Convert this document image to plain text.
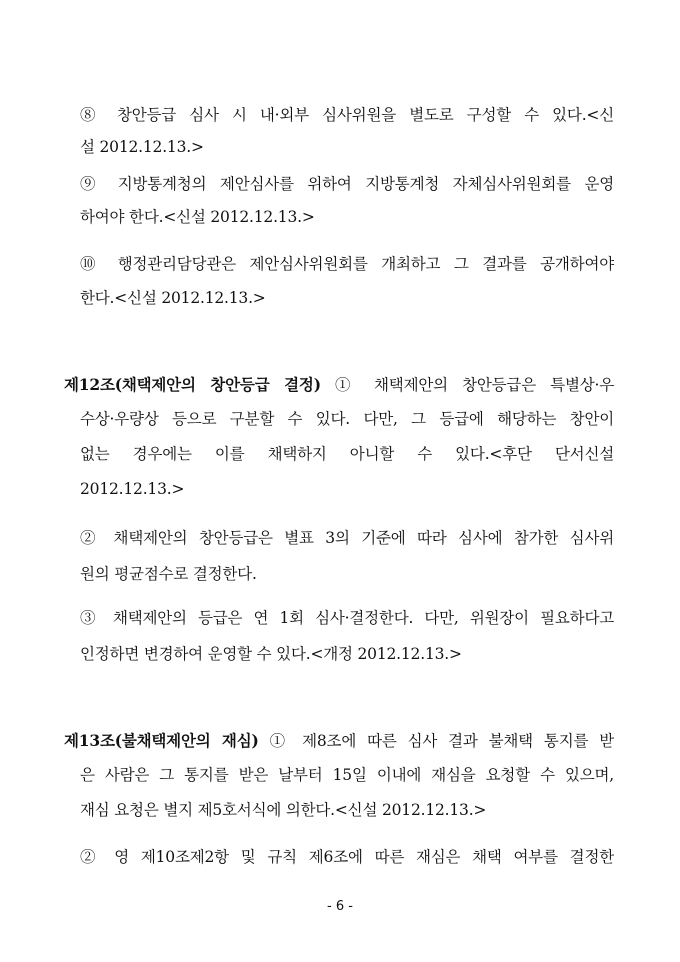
⑧ 창안등급 심사 시 내·외부 심사위원을 별도로 구성할 수 있다.<신
설 2012.12.13.>
⑨ 지방통계청의 제안심사를 위하여 지방통계청 자체심사위원회를 운영
하여야 한다.<신설 2012.12.13.>
⑩ 행정관리담당관은 제안심사위원회를 개최하고 그 결과를 공개하여야
한다.<신설 2012.12.13.>
제12조(채택제안의 창안등급 결정) ① 채택제안의 창안등급은 특별상·우
수상·우량상 등으로 구분할 수 있다. 다만, 그 등급에 해당하는 창안이
없는 경우에는 이를 채택하지 아니할 수 있다.<후단 단서신설
2012.12.13.>
② 채택제안의 창안등급은 별표 3의 기준에 따라 심사에 참가한 심사위
원의 평균점수로 결정한다.
③ 채택제안의 등급은 연 1회 심사·결정한다. 다만, 위원장이 필요하다고
인정하면 변경하여 운영할 수 있다.<개정 2012.12.13.>
제13조(불채택제안의 재심) ① 제8조에 따른 심사 결과 불채택 통지를 받
은 사람은 그 통지를 받은 날부터 15일 이내에 재심을 요청할 수 있으며,
재심 요청은 별지 제5호서식에 의한다.<신설 2012.12.13.>
② 영 제10조제2항 및 규칙 제6조에 따른 재심은 채택 여부를 결정한
- 6 -
